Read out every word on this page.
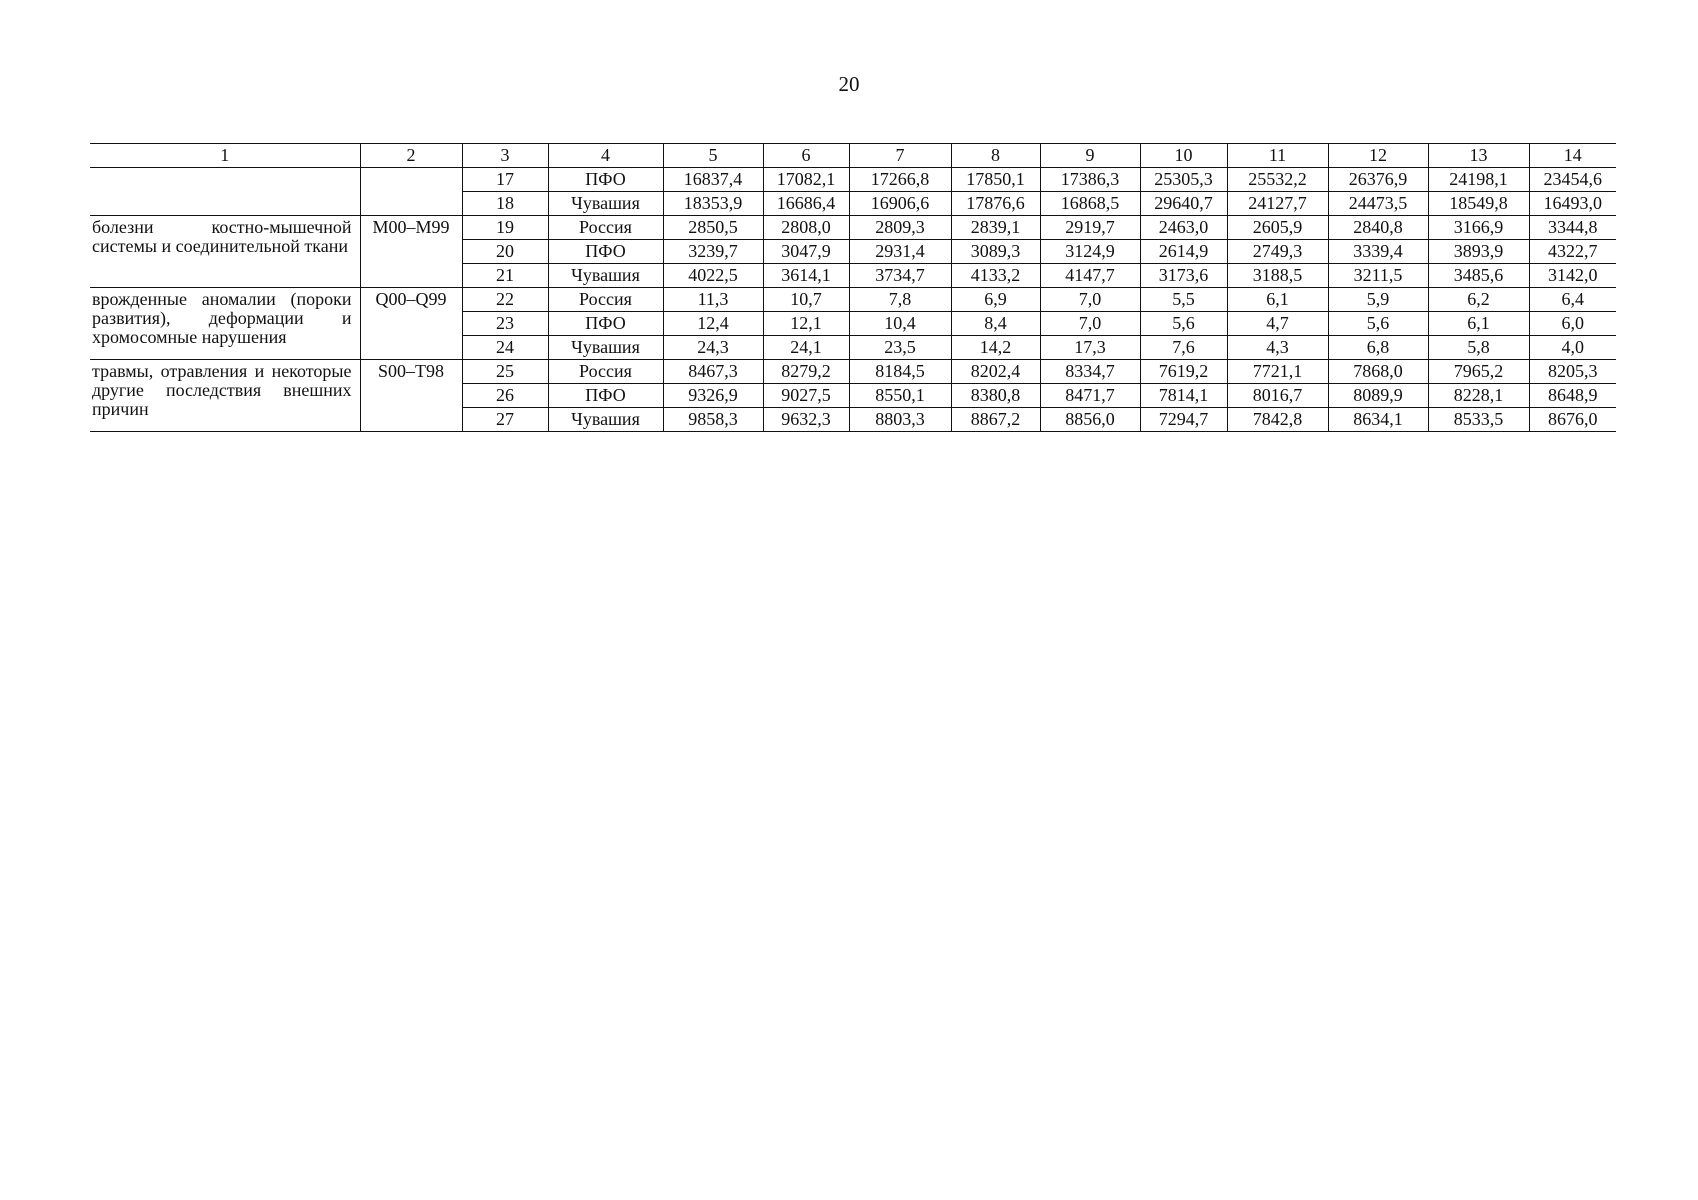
20
1	2	3	4	5	6	7	8	9	10	11	12	13	14
		17	ПФО	16837,4	17082,1	17266,8	17850,1	17386,3	25305,3	25532,2	26376,9	24198,1	23454,6
		18	Чувашия	18353,9	16686,4	16906,6	17876,6	16868,5	29640,7	24127,7	24473,5	18549,8	16493,0
болезни костно-мышечной системы и соединительной ткани	M00–M99	19	Россия	2850,5	2808,0	2809,3	2839,1	2919,7	2463,0	2605,9	2840,8	3166,9	3344,8
		20	ПФО	3239,7	3047,9	2931,4	3089,3	3124,9	2614,9	2749,3	3339,4	3893,9	4322,7
		21	Чувашия	4022,5	3614,1	3734,7	4133,2	4147,7	3173,6	3188,5	3211,5	3485,6	3142,0
врожденные аномалии (пороки развития), деформации и хромосомные нарушения	Q00–Q99	22	Россия	11,3	10,7	7,8	6,9	7,0	5,5	6,1	5,9	6,2	6,4
		23	ПФО	12,4	12,1	10,4	8,4	7,0	5,6	4,7	5,6	6,1	6,0
		24	Чувашия	24,3	24,1	23,5	14,2	17,3	7,6	4,3	6,8	5,8	4,0
травмы, отравления и некоторые другие последствия внешних причин	S00–T98	25	Россия	8467,3	8279,2	8184,5	8202,4	8334,7	7619,2	7721,1	7868,0	7965,2	8205,3
		26	ПФО	9326,9	9027,5	8550,1	8380,8	8471,7	7814,1	8016,7	8089,9	8228,1	8648,9
		27	Чувашия	9858,3	9632,3	8803,3	8867,2	8856,0	7294,7	7842,8	8634,1	8533,5	8676,0
